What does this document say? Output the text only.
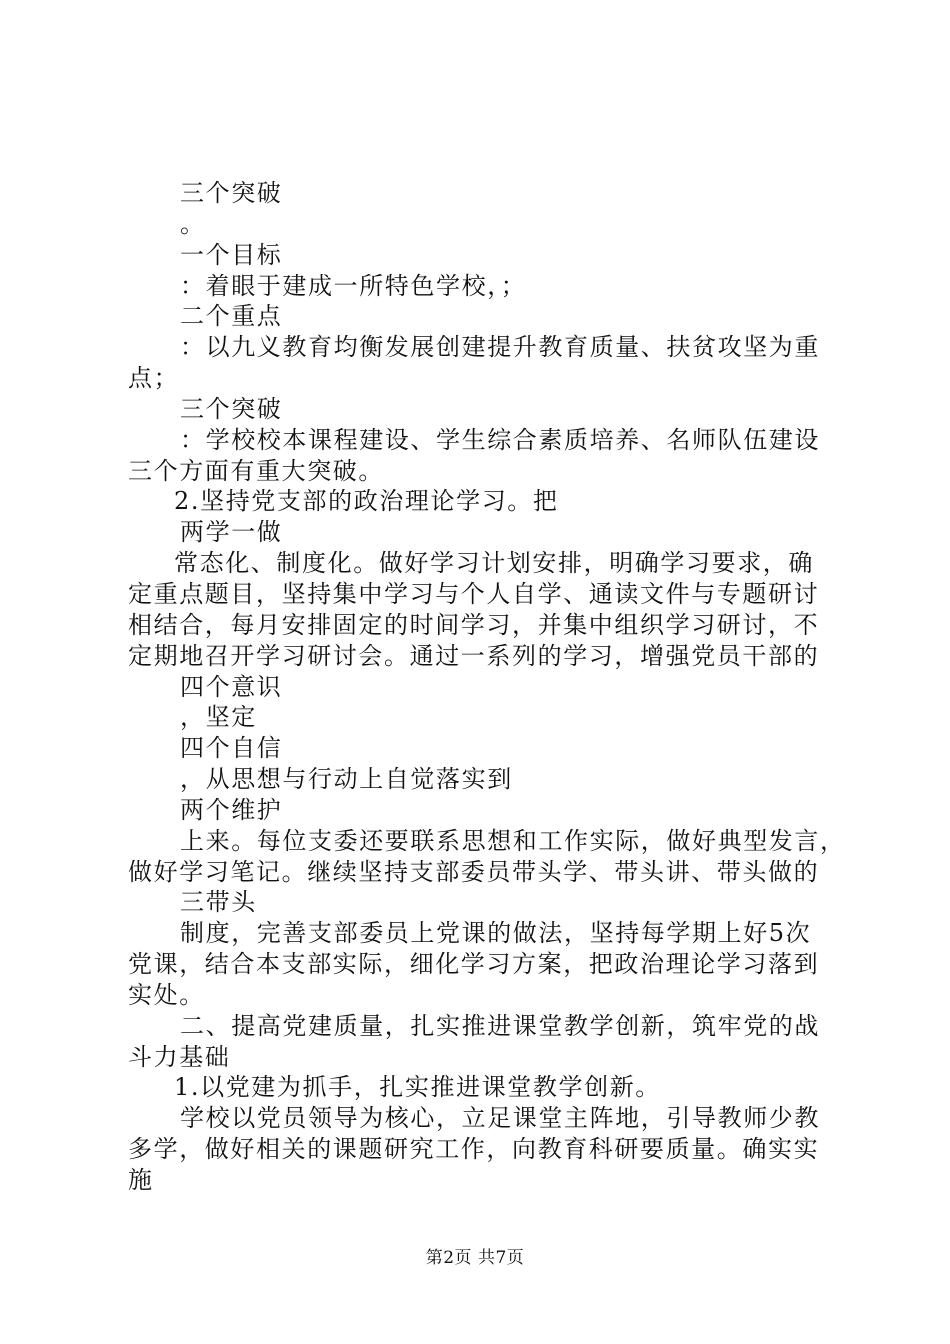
三个突破
。
一个目标
：着眼于建成一所特色学校，；
二个重点
：以九义教育均衡发展创建提升教育质量、扶贫攻坚为重
点；
三个突破
：学校校本课程建设、学生综合素质培养、名师队伍建设
三个方面有重大突破。
2.坚持党支部的政治理论学习。把
两学一做
常态化、制度化。做好学习计划安排，明确学习要求，确
定重点题目，坚持集中学习与个人自学、通读文件与专题研讨
相结合，每月安排固定的时间学习，并集中组织学习研讨，不
定期地召开学习研讨会。通过一系列的学习，增强党员干部的
四个意识
，坚定
四个自信
，从思想与行动上自觉落实到
两个维护
上来。每位支委还要联系思想和工作实际，做好典型发言，
做好学习笔记。继续坚持支部委员带头学、带头讲、带头做的
三带头
制度，完善支部委员上党课的做法，坚持每学期上好5次
党课，结合本支部实际，细化学习方案，把政治理论学习落到
实处。
二、提高党建质量，扎实推进课堂教学创新，筑牢党的战
斗力基础
1.以党建为抓手，扎实推进课堂教学创新。
学校以党员领导为核心，立足课堂主阵地，引导教师少教
多学，做好相关的课题研究工作，向教育科研要质量。确实实
施
第2页 共7页
